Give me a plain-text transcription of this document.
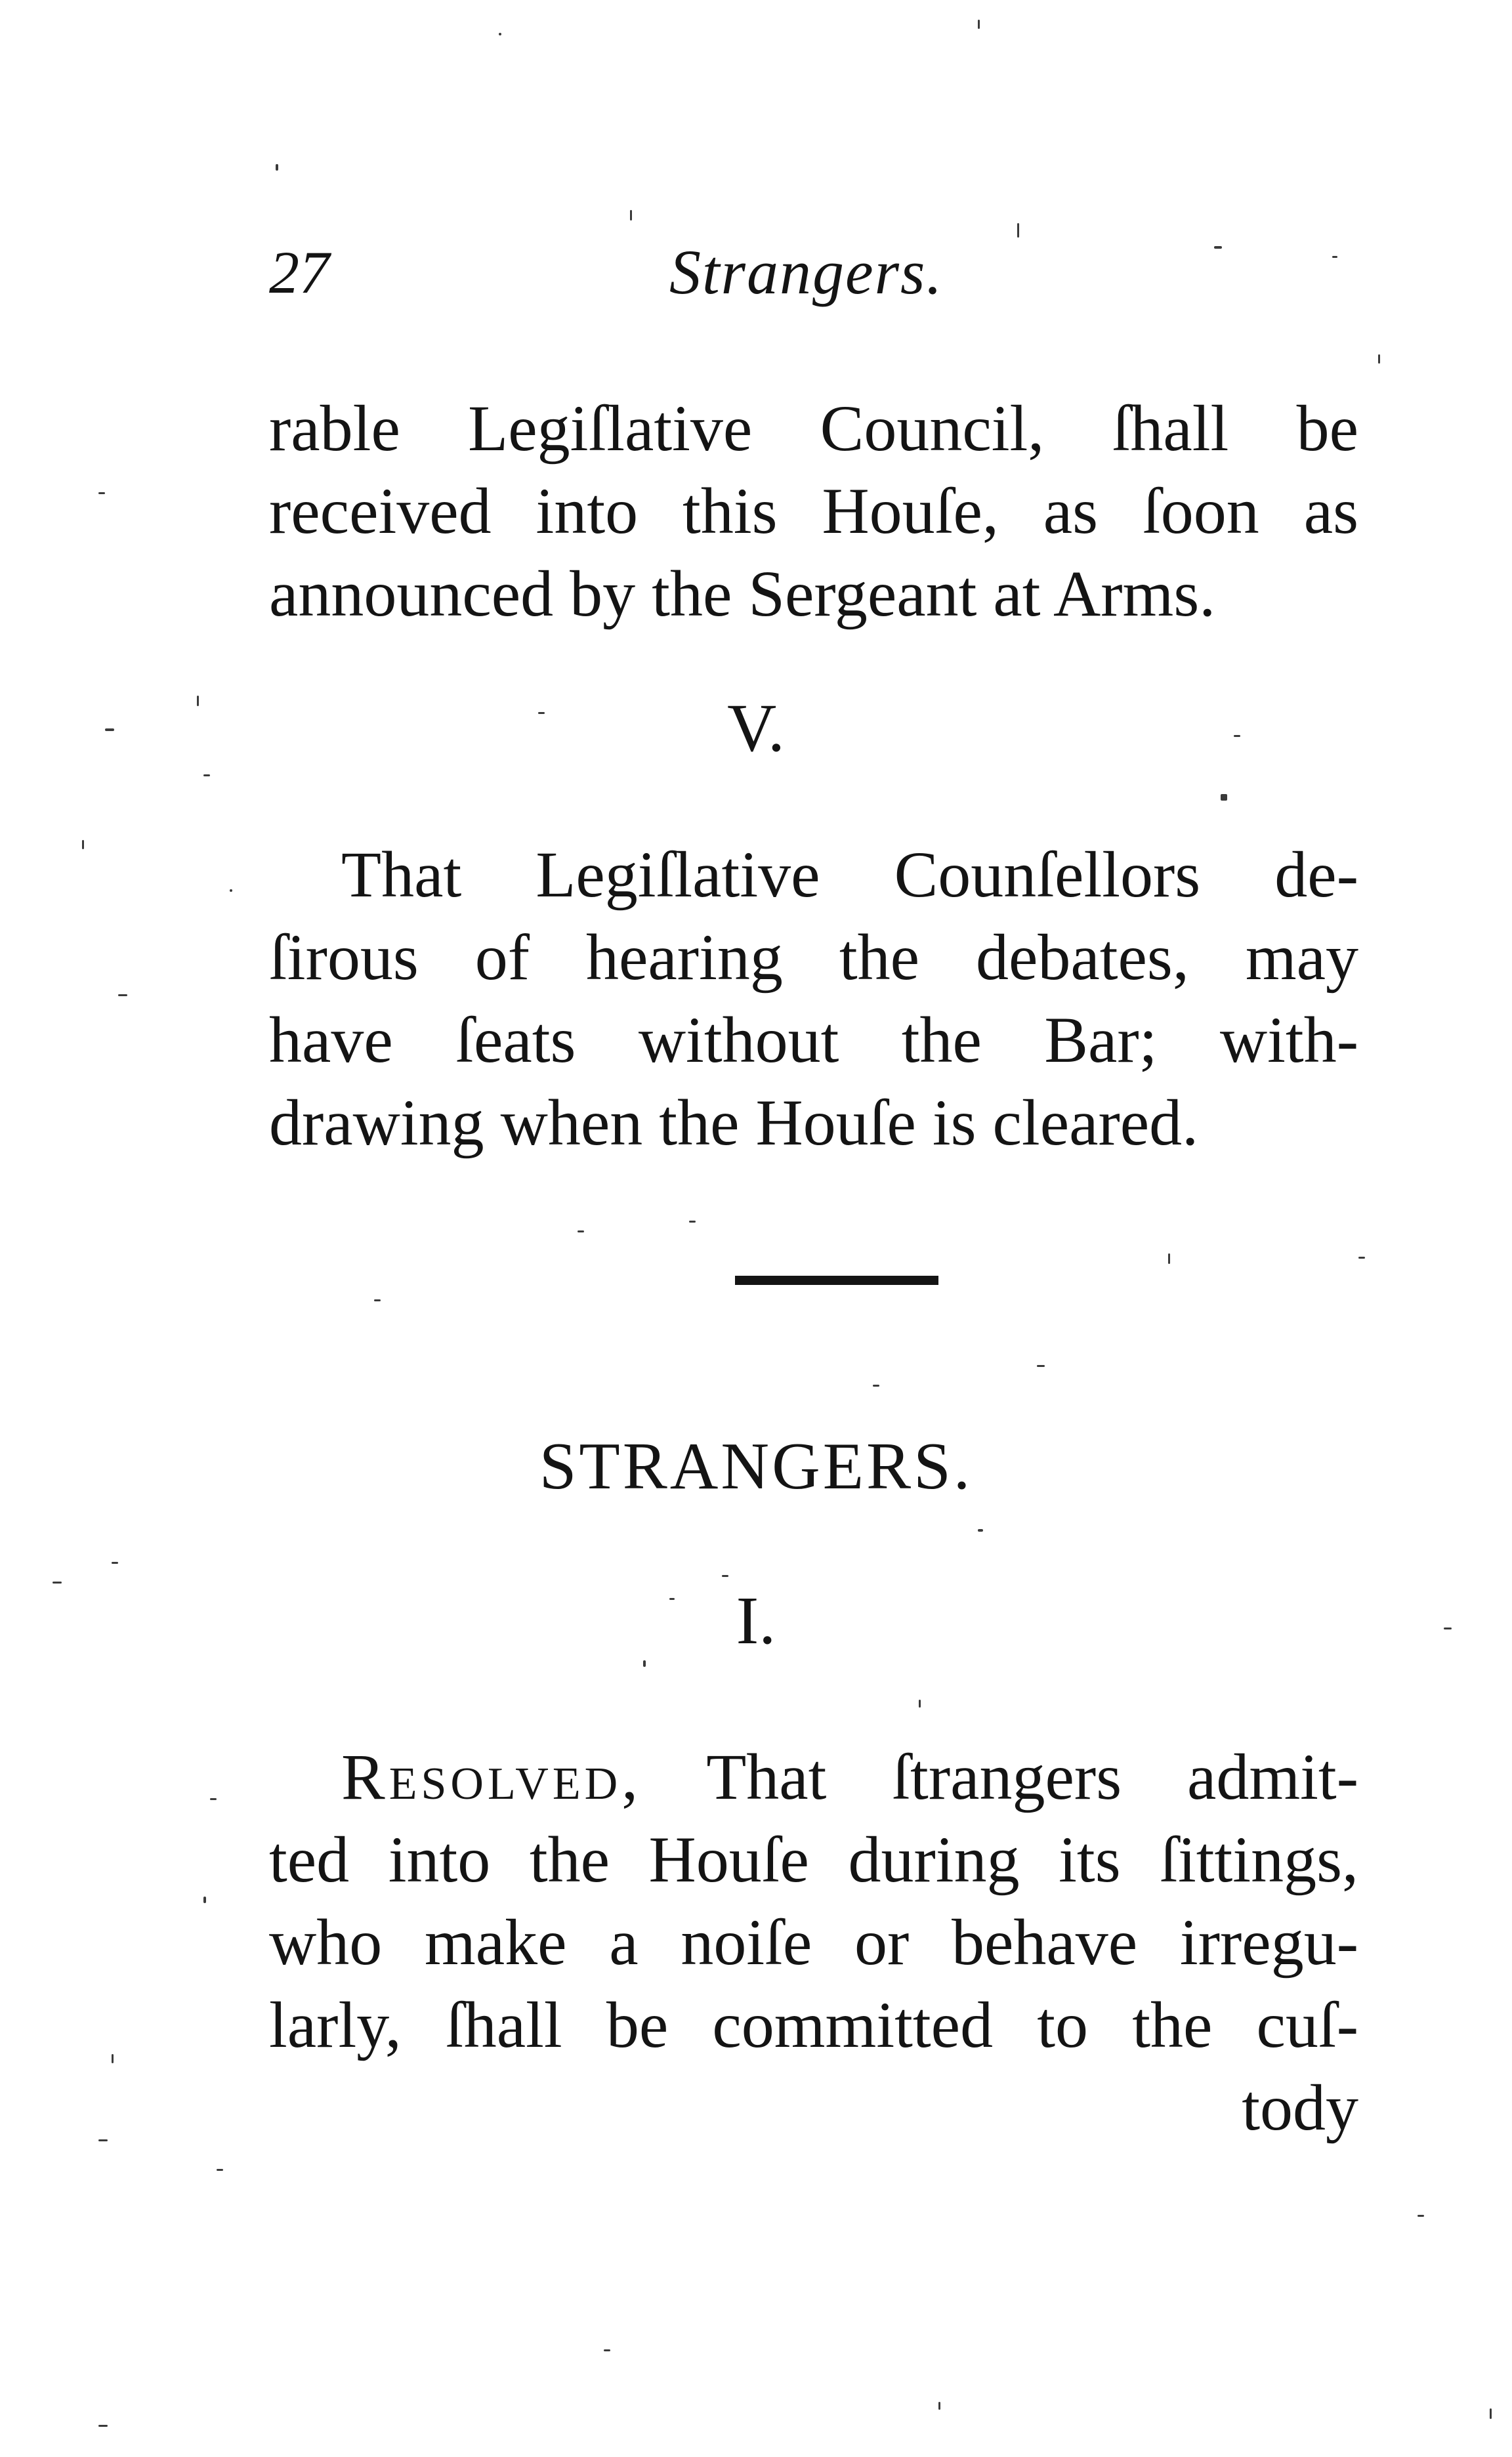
27	Strangers.
rable Legiſlative Council, ſhall be
received into this Houſe, as ſoon as
announced by the Sergeant at Arms.
V.
That Legiſlative Counſellors de-
ſirous of hearing the debates, may
have ſeats without the Bar; with-
drawing when the Houſe is cleared.
STRANGERS.
I.
Resolved, That ſtrangers admit-
ted into the Houſe during its ſittings,
who make a noiſe or behave irregu-
larly, ſhall be committed to the cuſ-
tody
